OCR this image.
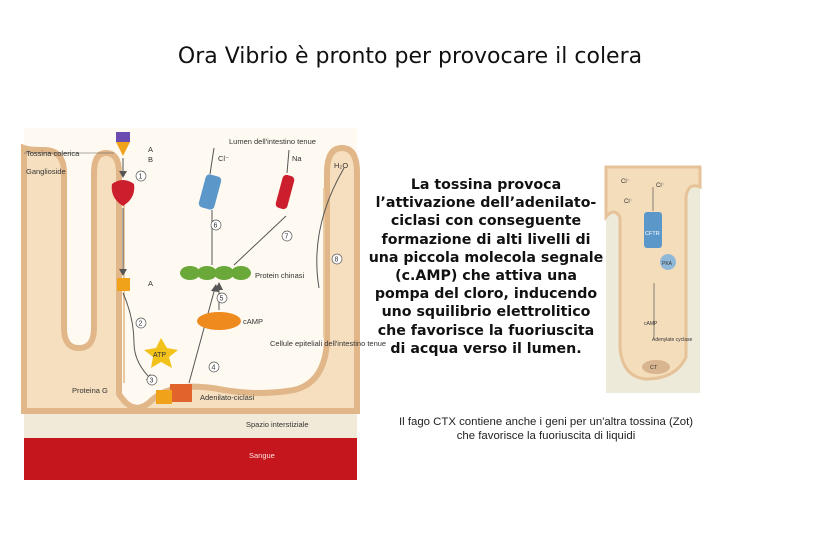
Ora Vibrio è pronto per provocare il colera
Tossina colerica
Ganglioside
A
B
A
Lumen dell'intestino tenue
Cl⁻	Na
H₂O
Protein chinasi
cAMP
ATP
Cellule epiteliali dell'intestino tenue
Proteina G
Adenilato-ciclasi
Spazio interstiziale
Sangue
1
2
3
4
5
6
7
8
La tossina provoca l’attivazione dell’adenilato-ciclasi con conseguente formazione di alti livelli di una piccola molecola segnale (c.AMP) che attiva una pompa del cloro, inducendo uno squilibrio elettrolitico che favorisce la fuoriuscita di acqua verso il lumen.
Cl⁻
Cl⁻
Cl⁻
CFTR
PKA
cAMP
Adenylate cyclase
CT
Il fago CTX contiene anche i geni per un'altra tossina (Zot) che favorisce la fuoriuscita di liquidi
